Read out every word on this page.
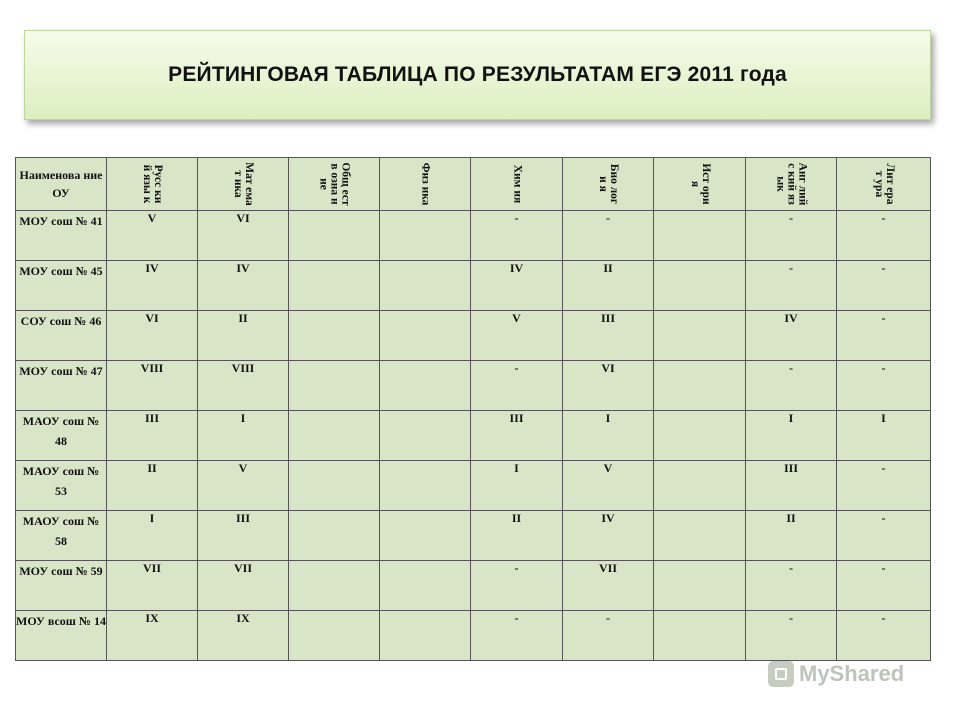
РЕЙТИНГОВАЯ ТАБЛИЦА ПО РЕЗУЛЬТАТАМ ЕГЭ 2011 года
Наименова ние ОУ	Русс кий язы к	Мат емат ика	Общ еств озна ние	Физ ика	Хим ия	Био логи я	Ист ория	Анг лийс кий язык	Лит ерат ура

МОУ сош № 41	V	VI			-	-		-	-
МОУ сош № 45	IV	IV			IV	II		-	-
СОУ сош № 46	VI	II			V	III		IV	-
МОУ сош № 47	VIII	VIII			-	VI		-	-
МАОУ сош № 48	III	I			III	I		I	I
МАОУ сош № 53	II	V			I	V		III	-
МАОУ сош № 58	I	III			II	IV		II	-
МОУ сош № 59	VII	VII			-	VII		-	-
МОУ всош № 14	IX	IX			-	-		-	-
MyShared
